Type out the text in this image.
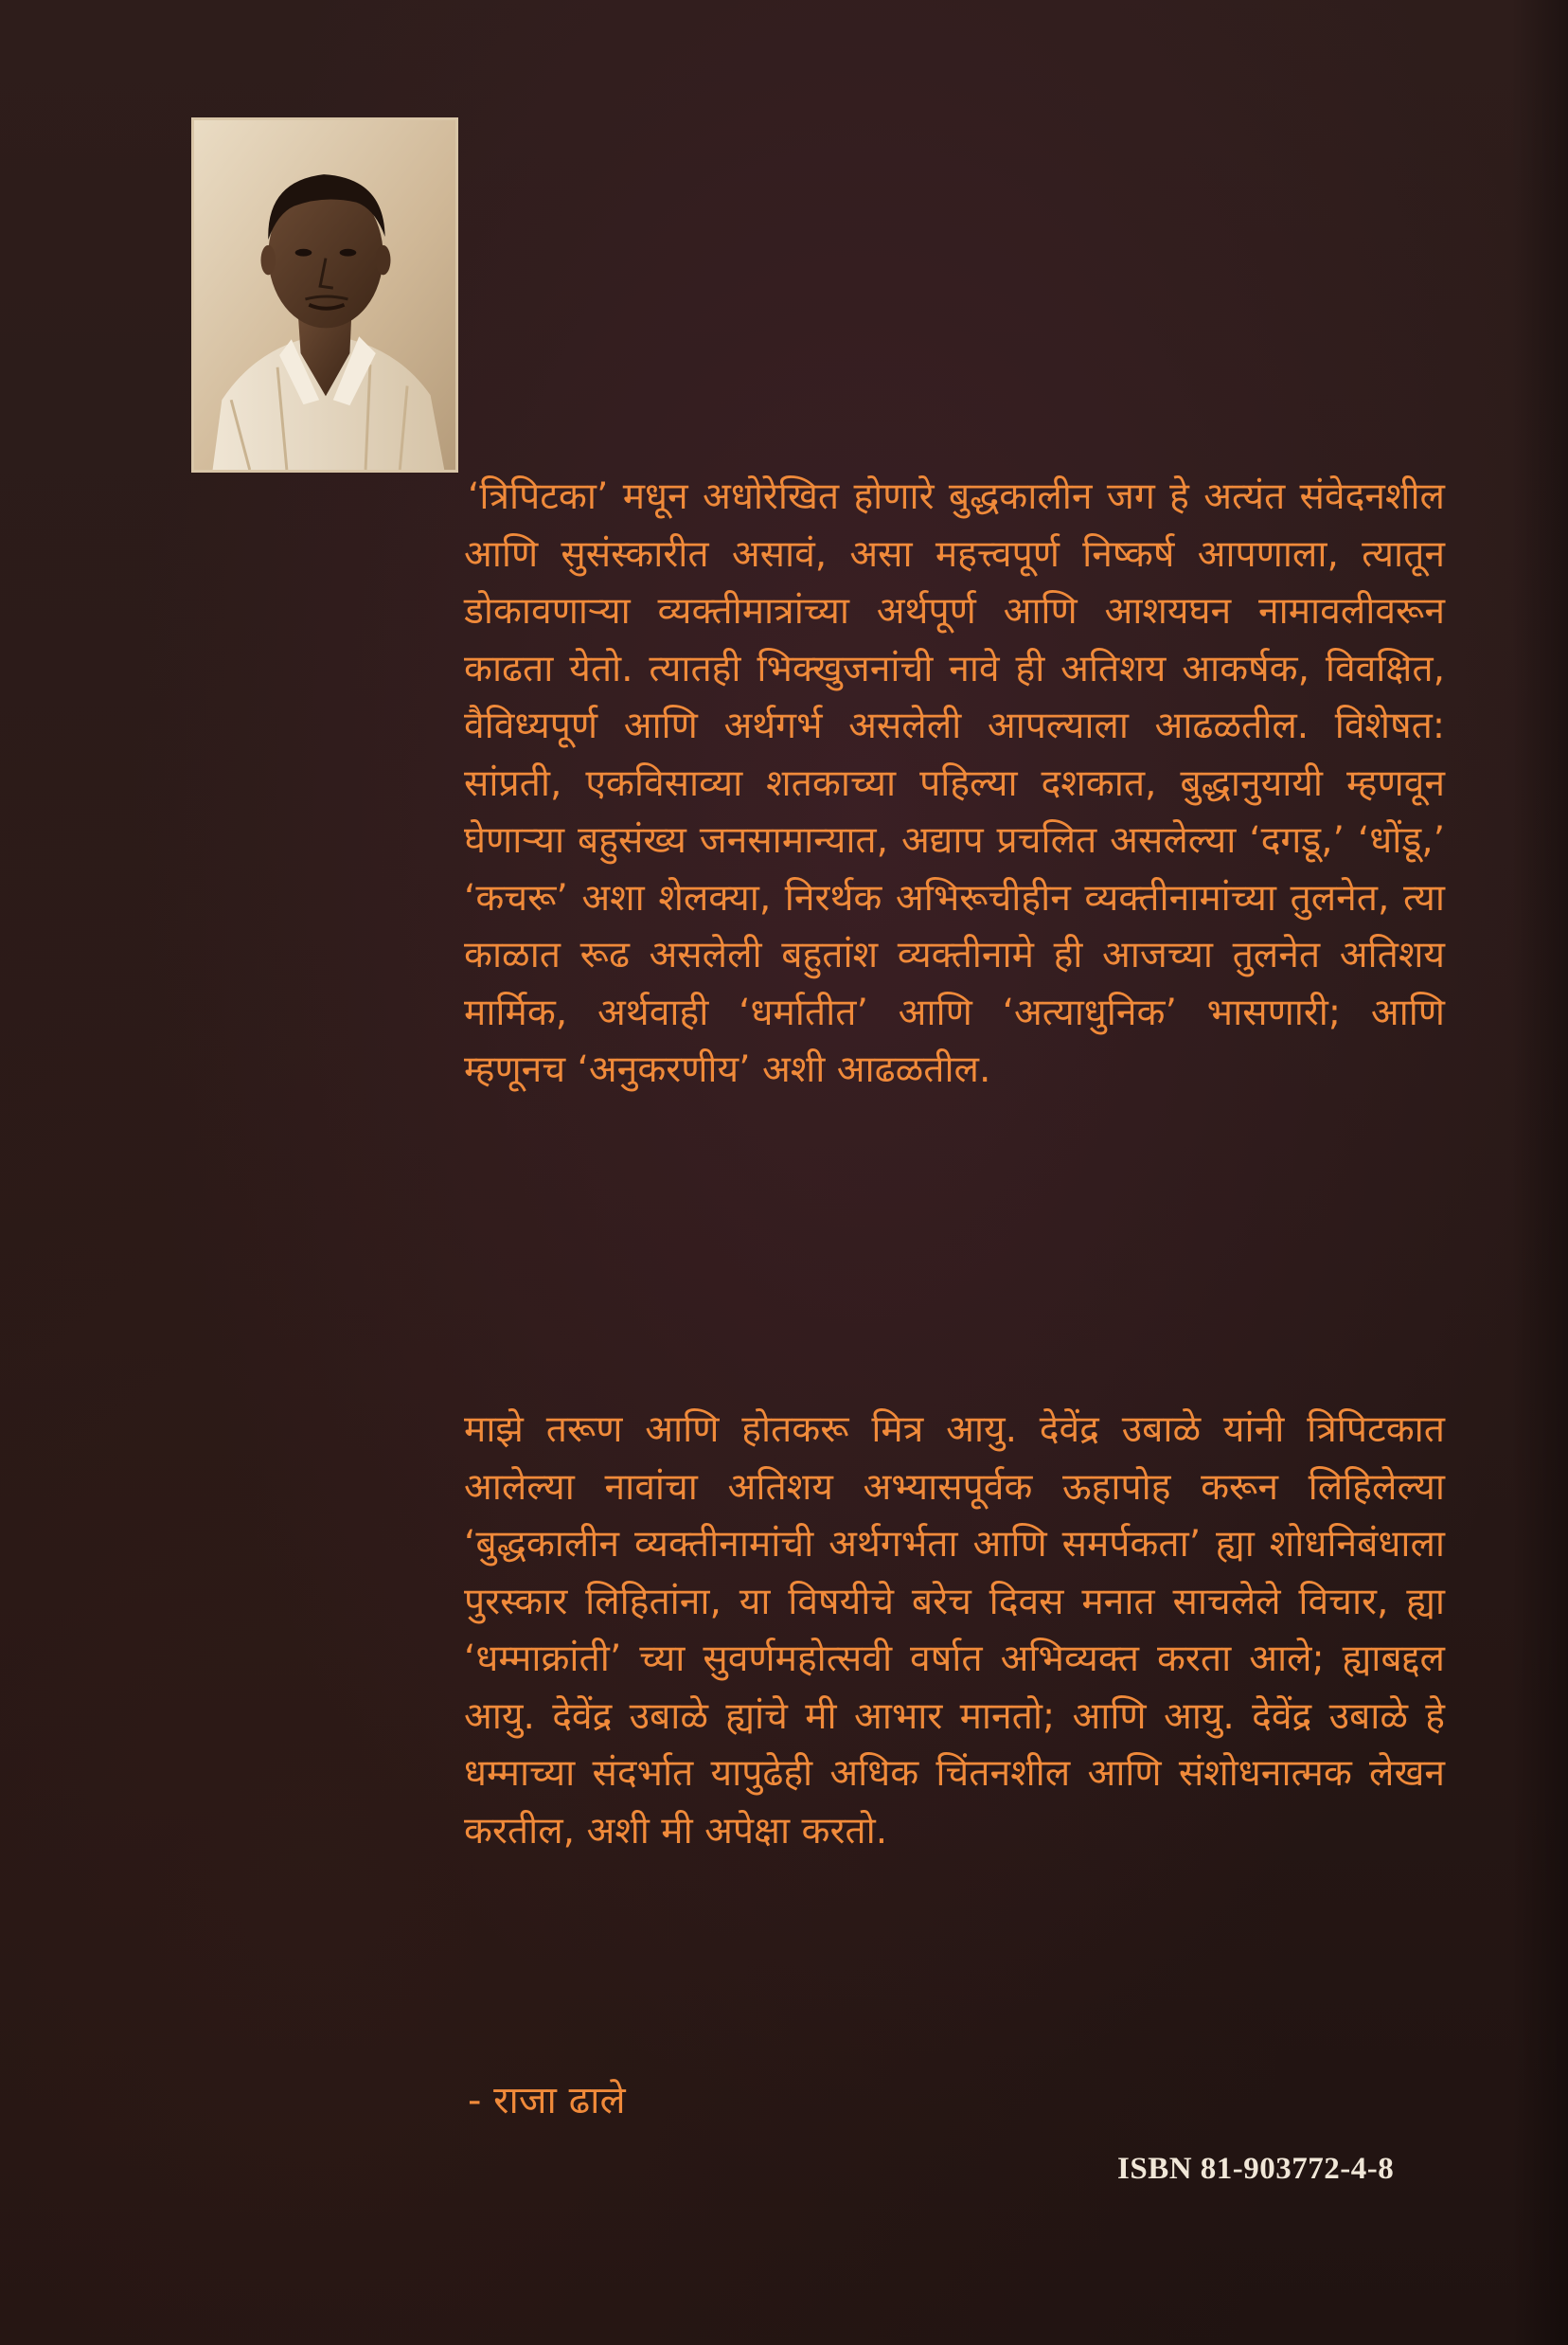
‘त्रिपिटका’ मधून अधोरेखित होणारे बुद्धकालीन जग हे अत्यंत संवेदनशील आणि सुसंस्कारीत असावं, असा महत्त्वपूर्ण निष्कर्ष आपणाला, त्यातून डोकावणाऱ्या व्यक्तीमात्रांच्या अर्थपूर्ण आणि आशयघन नामावलीवरून काढता येतो. त्यातही भिक्खुजनांची नावे ही अतिशय आकर्षक, विवक्षित, वैविध्यपूर्ण आणि अर्थगर्भ असलेली आपल्याला आढळतील. विशेषत: सांप्रती, एकविसाव्या शतकाच्या पहिल्या दशकात, बुद्धानुयायी म्हणवून घेणाऱ्या बहुसंख्य जनसामान्यात, अद्याप प्रचलित असलेल्या ‘दगडू,’ ‘धोंडू,’ ‘कचरू’ अशा शेलक्या, निरर्थक अभिरूचीहीन व्यक्तीनामांच्या तुलनेत, त्या काळात रूढ असलेली बहुतांश व्यक्तीनामे ही आजच्या तुलनेत अतिशय मार्मिक, अर्थवाही ‘धर्मातीत’ आणि ‘अत्याधुनिक’ भासणारी; आणि म्हणूनच ‘अनुकरणीय’ अशी आढळतील.

माझे तरूण आणि होतकरू मित्र आयु. देवेंद्र उबाळे यांनी त्रिपिटकात आलेल्या नावांचा अतिशय अभ्यासपूर्वक ऊहापोह करून लिहिलेल्या ‘बुद्धकालीन व्यक्तीनामांची अर्थगर्भता आणि समर्पकता’ ह्या शोधनिबंधाला पुरस्कार लिहितांना, या विषयीचे बरेच दिवस मनात साचलेले विचार, ह्या ‘धम्माक्रांती’ च्या सुवर्णमहोत्सवी वर्षात अभिव्यक्त करता आले; ह्याबद्दल आयु. देवेंद्र उबाळे ह्यांचे मी आभार मानतो; आणि आयु. देवेंद्र उबाळे हे धम्माच्या संदर्भात यापुढेही अधिक चिंतनशील आणि संशोधनात्मक लेखन करतील, अशी मी अपेक्षा करतो.

- राजा ढाले

ISBN 81-903772-4-8
